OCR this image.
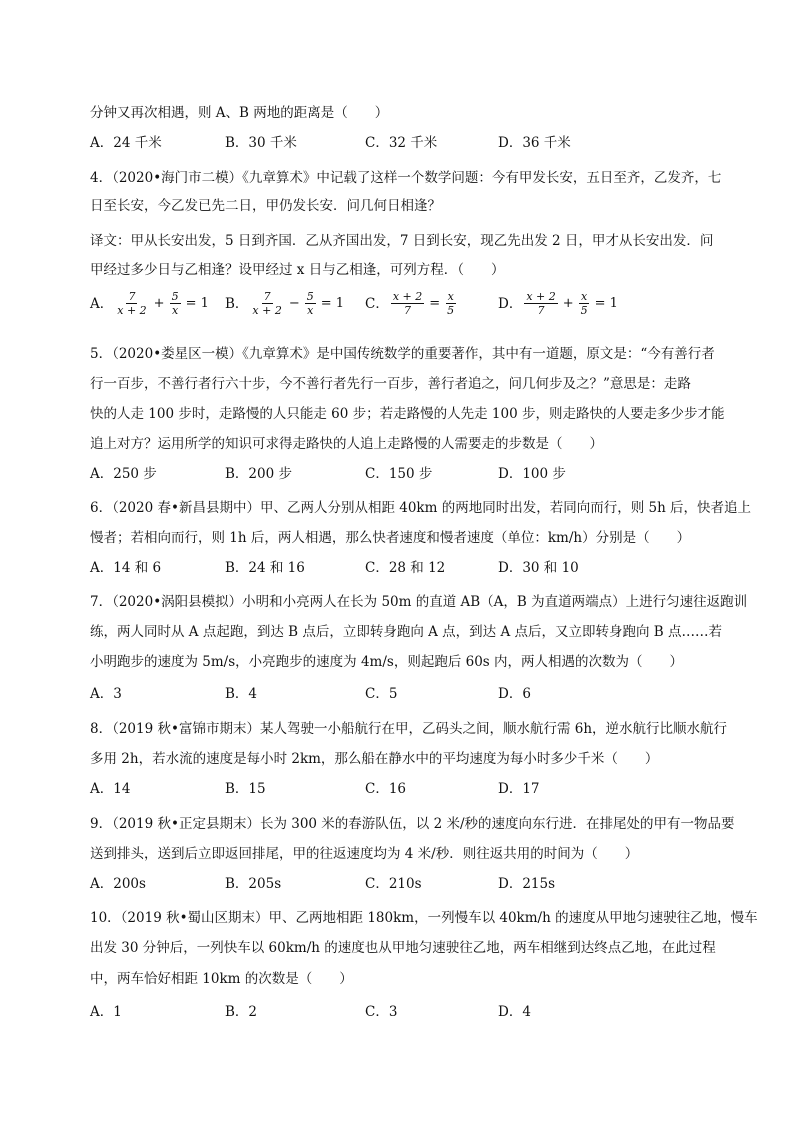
分钟又再次相遇，则 A、B 两地的距离是（　　）
A．24 千米	B．30 千米	C．32 千米	D．36 千米
4．（2020•海门市二模）《九章算术》中记载了这样一个数学问题：今有甲发长安，五日至齐，乙发齐，七
日至长安，今乙发已先二日，甲仍发长安．问几何日相逢？
译文：甲从长安出发，5 日到齐国．乙从齐国出发，7 日到长安，现乙先出发 2 日，甲才从长安出发．问
甲经过多少日与乙相逢？设甲经过 x 日与乙相逢，可列方程．（　　）
A． $\frac{7}{x + 2} + \frac{5}{x} = 1$ B． $\frac{7}{x + 2} - \frac{5}{x} = 1$ C． $\frac{x + 2}{7} = \frac{x}{5}$	D． $\frac{x + 2}{7} + \frac{x}{5} = 1$
5．（2020•娄星区一模）《九章算术》是中国传统数学的重要著作，其中有一道题，原文是：“今有善行者
行一百步，不善行者行六十步，今不善行者先行一百步，善行者追之，问几何步及之？”意思是：走路
快的人走 100 步时，走路慢的人只能走 60 步；若走路慢的人先走 100 步，则走路快的人要走多少步才能
追上对方？运用所学的知识可求得走路快的人追上走路慢的人需要走的步数是（　　）
A．250 步	B．200 步	C．150 步	D．100 步
6．（2020 春•新昌县期中）甲、乙两人分别从相距 40km 的两地同时出发，若同向而行，则 5h 后，快者追上
慢者；若相向而行，则 1h 后，两人相遇，那么快者速度和慢者速度（单位：km/h）分别是（　　）
A．14 和 6	B．24 和 16	C．28 和 12	D．30 和 10
7．（2020•涡阳县模拟）小明和小亮两人在长为 50m 的直道 AB（A，B 为直道两端点）上进行匀速往返跑训
练，两人同时从 A 点起跑，到达 B 点后，立即转身跑向 A 点，到达 A 点后，又立即转身跑向 B 点……若
小明跑步的速度为 5m/s，小亮跑步的速度为 4m/s，则起跑后 60s 内，两人相遇的次数为（　　）
A．3	B．4	C．5	D．6
8．（2019 秋•富锦市期末）某人驾驶一小船航行在甲，乙码头之间，顺水航行需 6h，逆水航行比顺水航行
多用 2h，若水流的速度是每小时 2km，那么船在静水中的平均速度为每小时多少千米（　　）
A．14	B．15	C．16	D．17
9．（2019 秋•正定县期末）长为 300 米的春游队伍，以 2 米/秒的速度向东行进．在排尾处的甲有一物品要
送到排头，送到后立即返回排尾，甲的往返速度均为 4 米/秒．则往返共用的时间为（　　）
A．200s	B．205s	C．210s	D．215s
10．（2019 秋•蜀山区期末）甲、乙两地相距 180km，一列慢车以 40km/h 的速度从甲地匀速驶往乙地，慢车
出发 30 分钟后，一列快车以 60km/h 的速度也从甲地匀速驶往乙地，两车相继到达终点乙地，在此过程
中，两车恰好相距 10km 的次数是（　　）
A．1	B．2	C．3	D．4
